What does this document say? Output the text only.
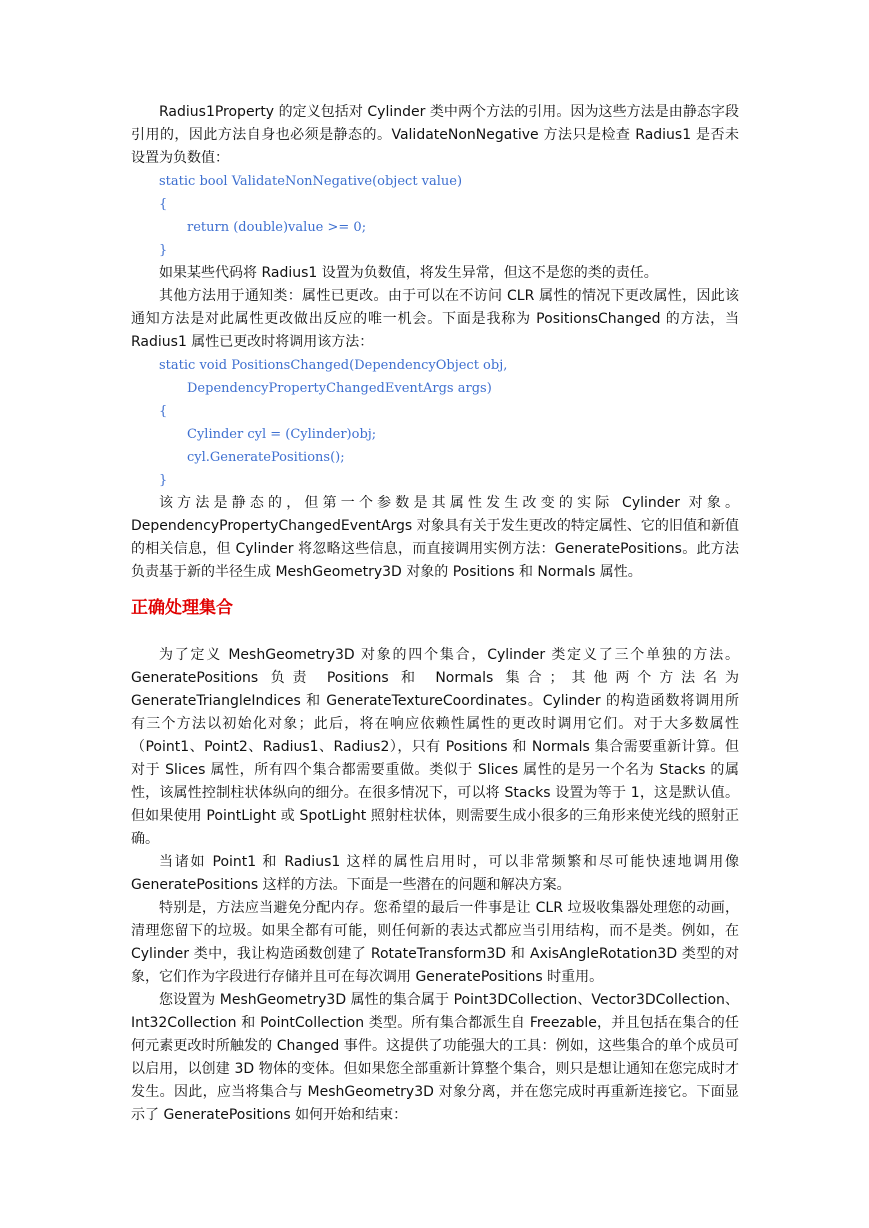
Radius1Property 的定义包括对 Cylinder 类中两个方法的引用。因为这些方法是由静态字段引用的，因此方法自身也必须是静态的。ValidateNonNegative 方法只是检查 Radius1 是否未设置为负数值：

static bool ValidateNonNegative(object value)
{
return (double)value >= 0;
}

如果某些代码将 Radius1 设置为负数值，将发生异常，但这不是您的类的责任。

其他方法用于通知类：属性已更改。由于可以在不访问 CLR 属性的情况下更改属性，因此该通知方法是对此属性更改做出反应的唯一机会。下面是我称为 PositionsChanged 的方法，当 Radius1 属性已更改时将调用该方法：

static void PositionsChanged(DependencyObject obj,
DependencyPropertyChangedEventArgs args)
{
Cylinder cyl = (Cylinder)obj;
cyl.GeneratePositions();
}

该方法是静态的，但第一个参数是其属性发生改变的实际 Cylinder 对象。DependencyPropertyChangedEventArgs 对象具有关于发生更改的特定属性、它的旧值和新值的相关信息，但 Cylinder 将忽略这些信息，而直接调用实例方法：GeneratePositions。此方法负责基于新的半径生成 MeshGeometry3D 对象的 Positions 和 Normals 属性。

正确处理集合

为了定义 MeshGeometry3D 对象的四个集合，Cylinder 类定义了三个单独的方法。GeneratePositions 负责 Positions 和 Normals 集合；其他两个方法名为 GenerateTriangleIndices 和 GenerateTextureCoordinates。Cylinder 的构造函数将调用所有三个方法以初始化对象；此后，将在响应依赖性属性的更改时调用它们。对于大多数属性（Point1、Point2、Radius1、Radius2），只有 Positions 和 Normals 集合需要重新计算。但对于 Slices 属性，所有四个集合都需要重做。类似于 Slices 属性的是另一个名为 Stacks 的属性，该属性控制柱状体纵向的细分。在很多情况下，可以将 Stacks 设置为等于 1，这是默认值。但如果使用 PointLight 或 SpotLight 照射柱状体，则需要生成小很多的三角形来使光线的照射正确。

当诸如 Point1 和 Radius1 这样的属性启用时，可以非常频繁和尽可能快速地调用像 GeneratePositions 这样的方法。下面是一些潜在的问题和解决方案。

特别是，方法应当避免分配内存。您希望的最后一件事是让 CLR 垃圾收集器处理您的动画，清理您留下的垃圾。如果全都有可能，则任何新的表达式都应当引用结构，而不是类。例如，在 Cylinder 类中，我让构造函数创建了 RotateTransform3D 和 AxisAngleRotation3D 类型的对象，它们作为字段进行存储并且可在每次调用 GeneratePositions 时重用。

您设置为 MeshGeometry3D 属性的集合属于 Point3DCollection、Vector3DCollection、Int32Collection 和 PointCollection 类型。所有集合都派生自 Freezable，并且包括在集合的任何元素更改时所触发的 Changed 事件。这提供了功能强大的工具：例如，这些集合的单个成员可以启用，以创建 3D 物体的变体。但如果您全部重新计算整个集合，则只是想让通知在您完成时才发生。因此，应当将集合与 MeshGeometry3D 对象分离，并在您完成时再重新连接它。下面显示了 GeneratePositions 如何开始和结束：
